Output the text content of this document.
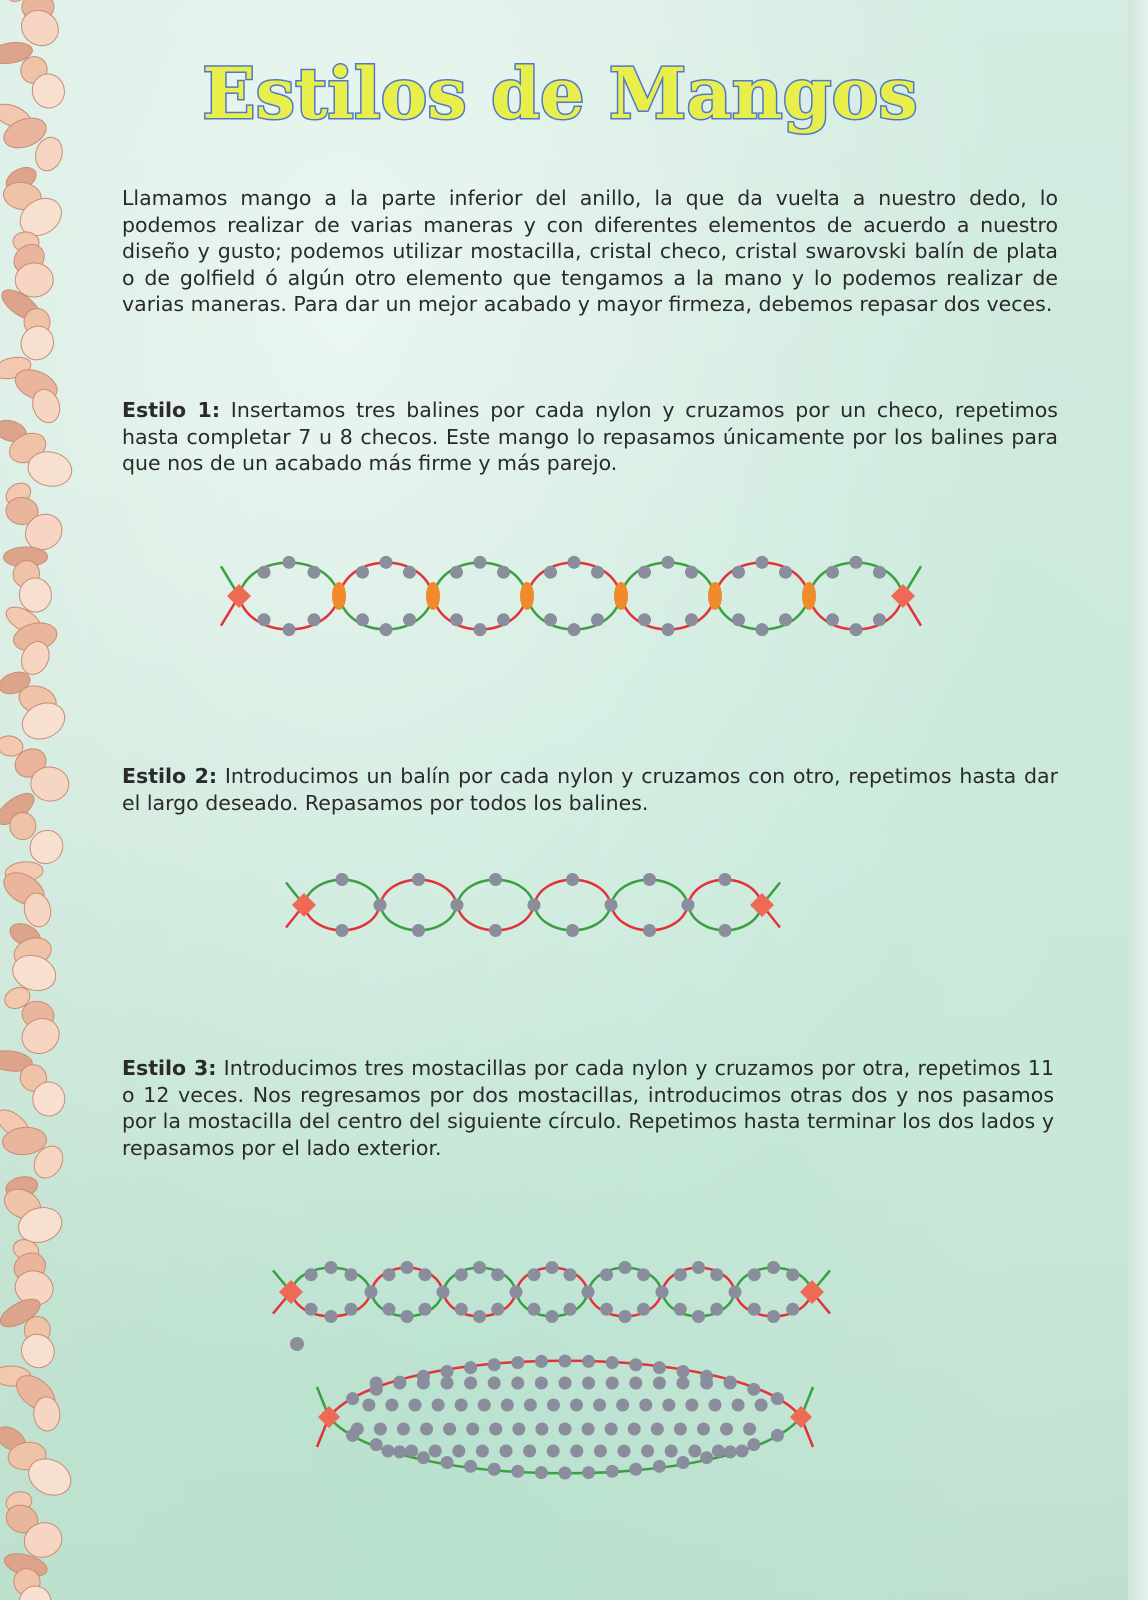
Estilos de Mangos

Llamamos mango a la parte inferior del anillo, la que da vuelta a nuestro dedo, lo podemos realizar de varias maneras y con diferentes elementos de acuerdo a nuestro diseño y gusto; podemos utilizar mostacilla, cristal checo, cristal swarovski balín de plata o de golfield ó algún otro elemento que tengamos a la mano y lo podemos realizar de varias maneras. Para dar un mejor acabado y mayor firmeza, debemos repasar dos veces.

Estilo 1: Insertamos tres balines por cada nylon y cruzamos por un checo, repetimos hasta completar 7 u 8 checos. Este mango lo repasamos únicamente por los balines para que nos de un acabado más firme y más parejo.

Estilo 2: Introducimos un balín por cada nylon y cruzamos con otro, repetimos hasta dar el largo deseado. Repasamos por todos los balines.

Estilo 3: Introducimos tres mostacillas por cada nylon y cruzamos por otra, repetimos 11 o 12 veces. Nos regresamos por dos mostacillas, introducimos otras dos y nos pasamos por la mostacilla del centro del siguiente círculo. Repetimos hasta terminar los dos lados y repasamos por el lado exterior.
